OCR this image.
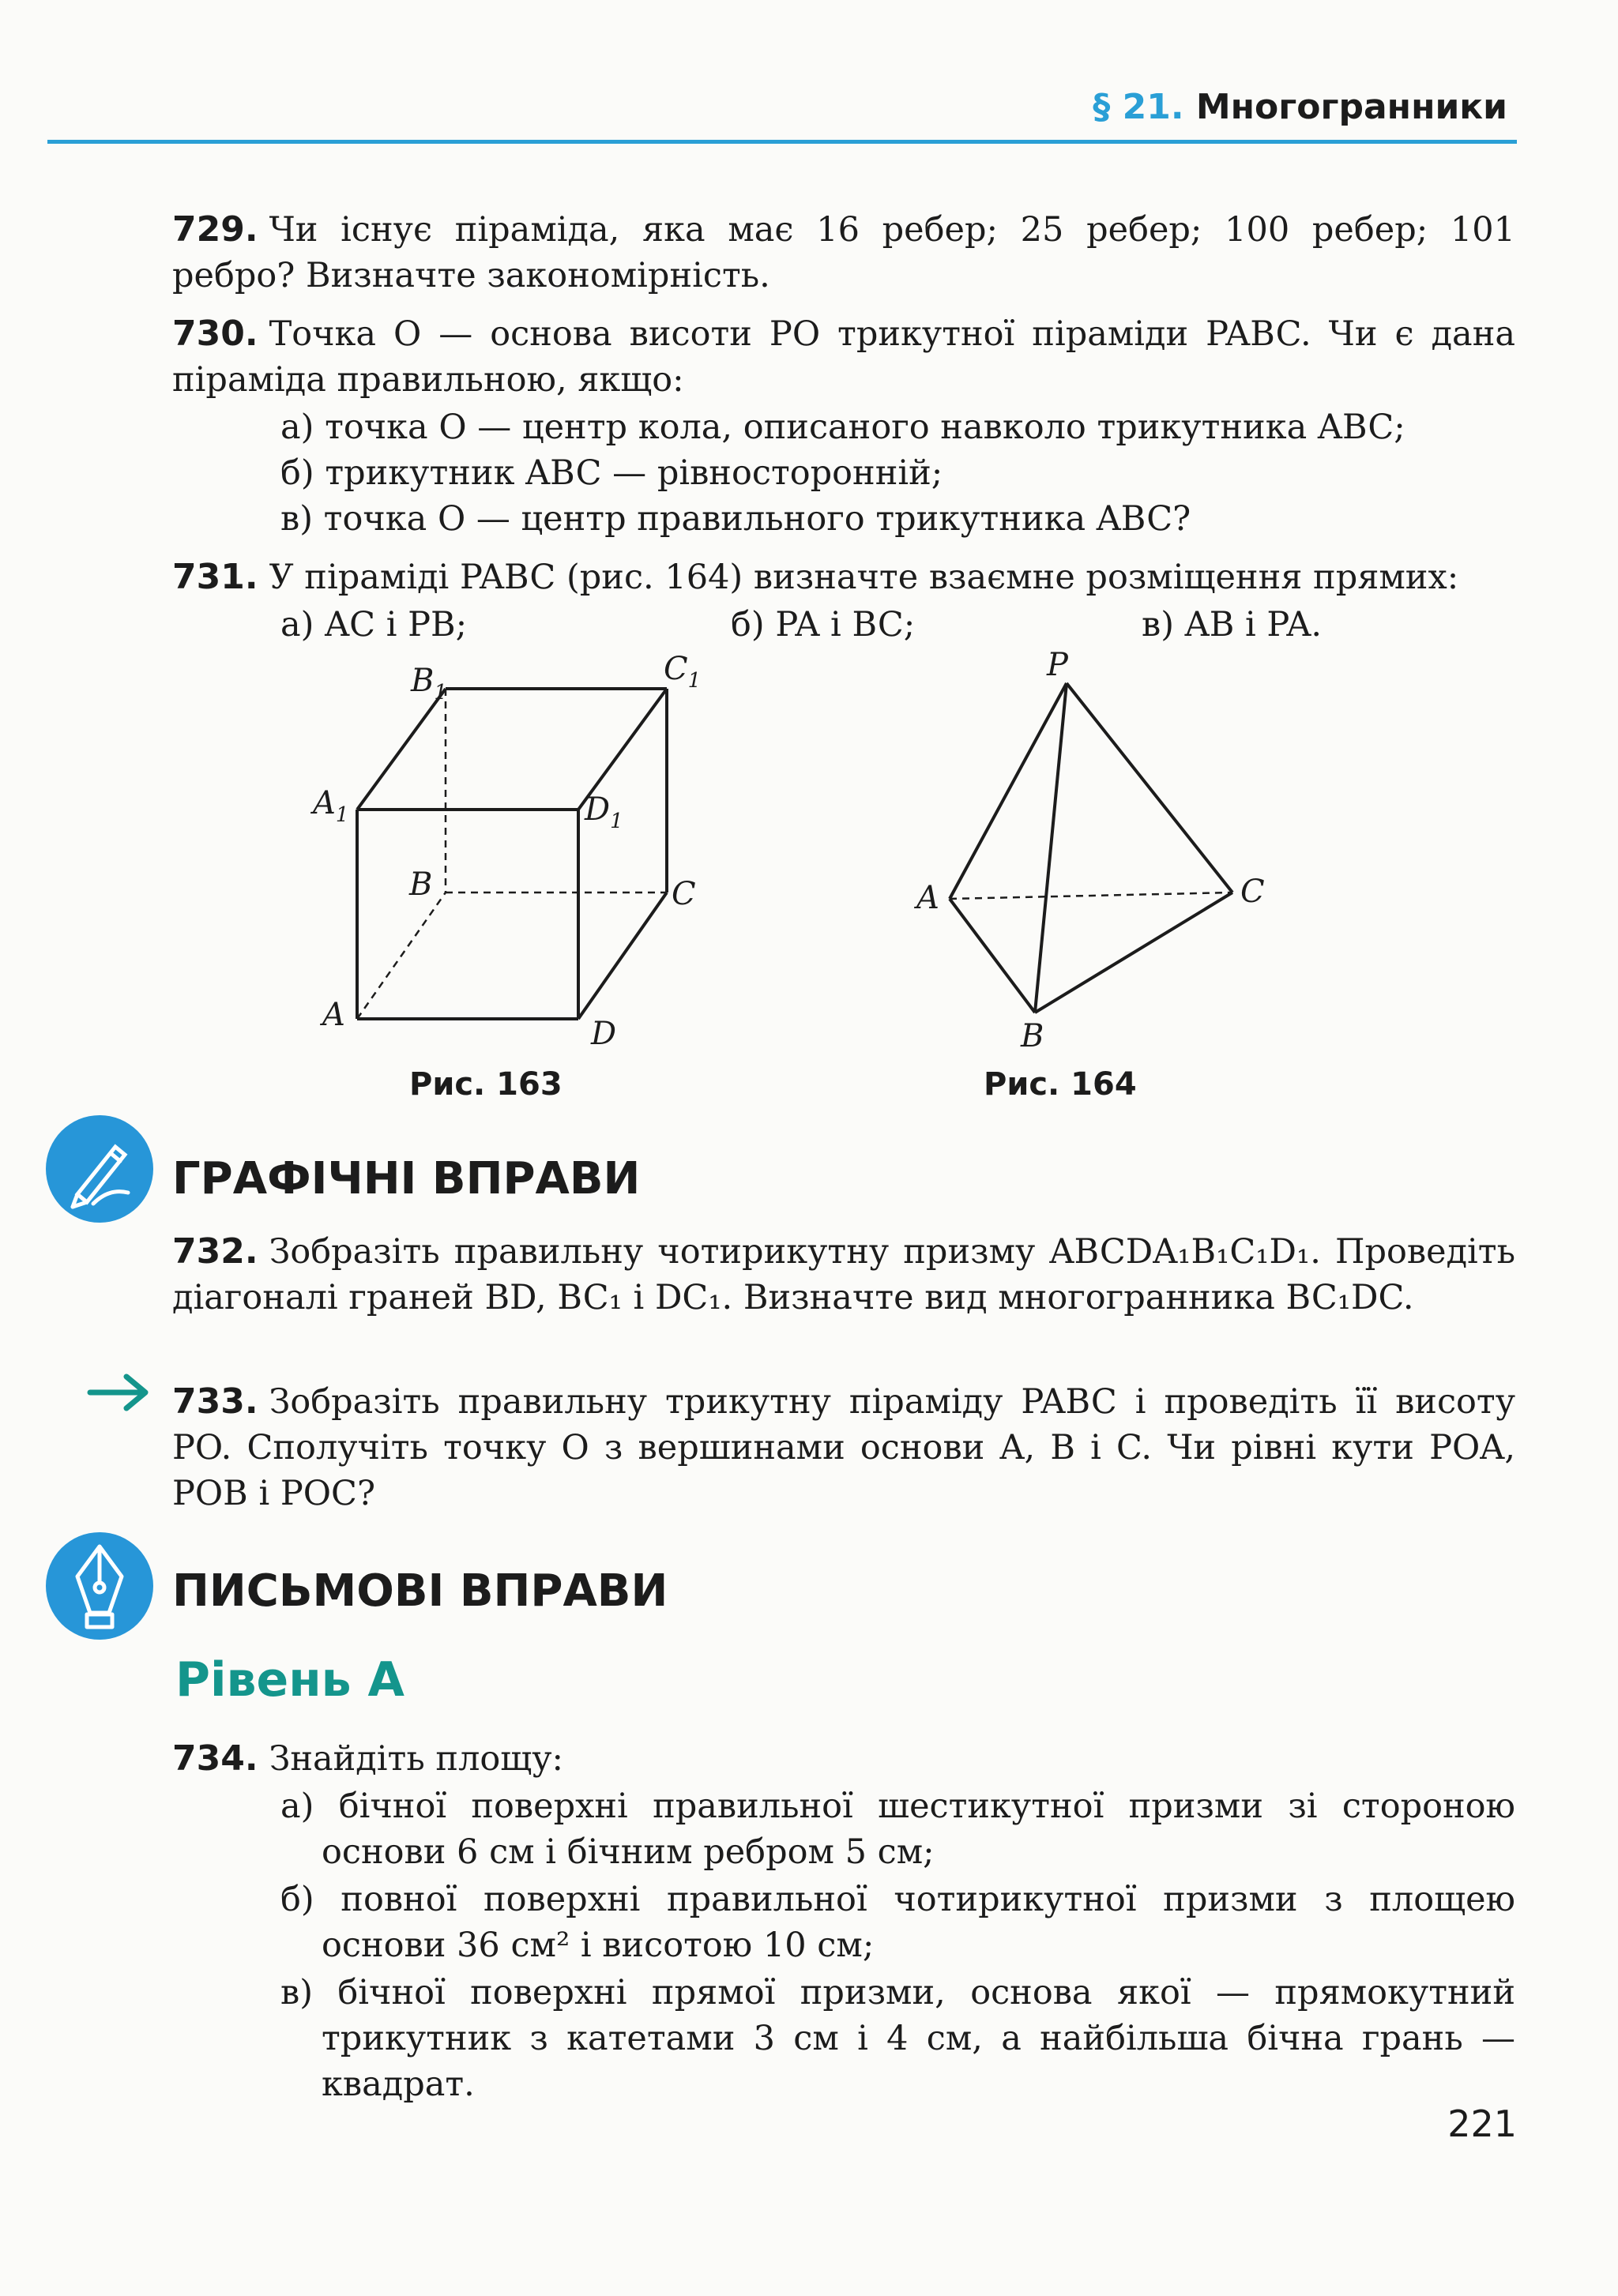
§ 21. Многогранники
729. Чи існує піраміда, яка має 16 ребер; 25 ребер; 100 ребер; 101 ребро? Визначте закономірність.
730. Точка O — основа висоти PO трикутної піраміди PABC. Чи є дана піраміда правильною, якщо:
а) точка O — центр кола, описаного навколо трикутника ABC;
б) трикутник ABC — рівносторонній;
в) точка O — центр правильного трикутника ABC?
731. У піраміді PABC (рис. 164) визначте взаємне розміщення прямих:
а) AC і PB;	б) PA і BC;	в) AB і PA.
$B_1$
$C_1$
$A_1$	$D_1$
B	C
A
D
P
A	C
B
Рис. 163	Рис. 164
ГРАФІЧНІ ВПРАВИ
732. Зобразіть правильну чотирикутну призму ABCDA₁B₁C₁D₁. Проведіть діагоналі граней BD, BC₁ і DC₁. Визначте вид многогранника BC₁DC.
733. Зобразіть правильну трикутну піраміду PABC і проведіть її висоту PO. Сполучіть точку O з вершинами основи A, B і C. Чи рівні кути POA, POB і POC?
ПИСЬМОВІ ВПРАВИ
Рівень А
734. Знайдіть площу:
а) бічної поверхні правильної шестикутної призми зі стороною основи 6 см і бічним ребром 5 см;
б) повної поверхні правильної чотирикутної призми з площею основи 36 см² і висотою 10 см;
в) бічної поверхні прямої призми, основа якої — прямокутний трикутник з катетами 3 см і 4 см, а найбільша бічна грань — квадрат.
221
